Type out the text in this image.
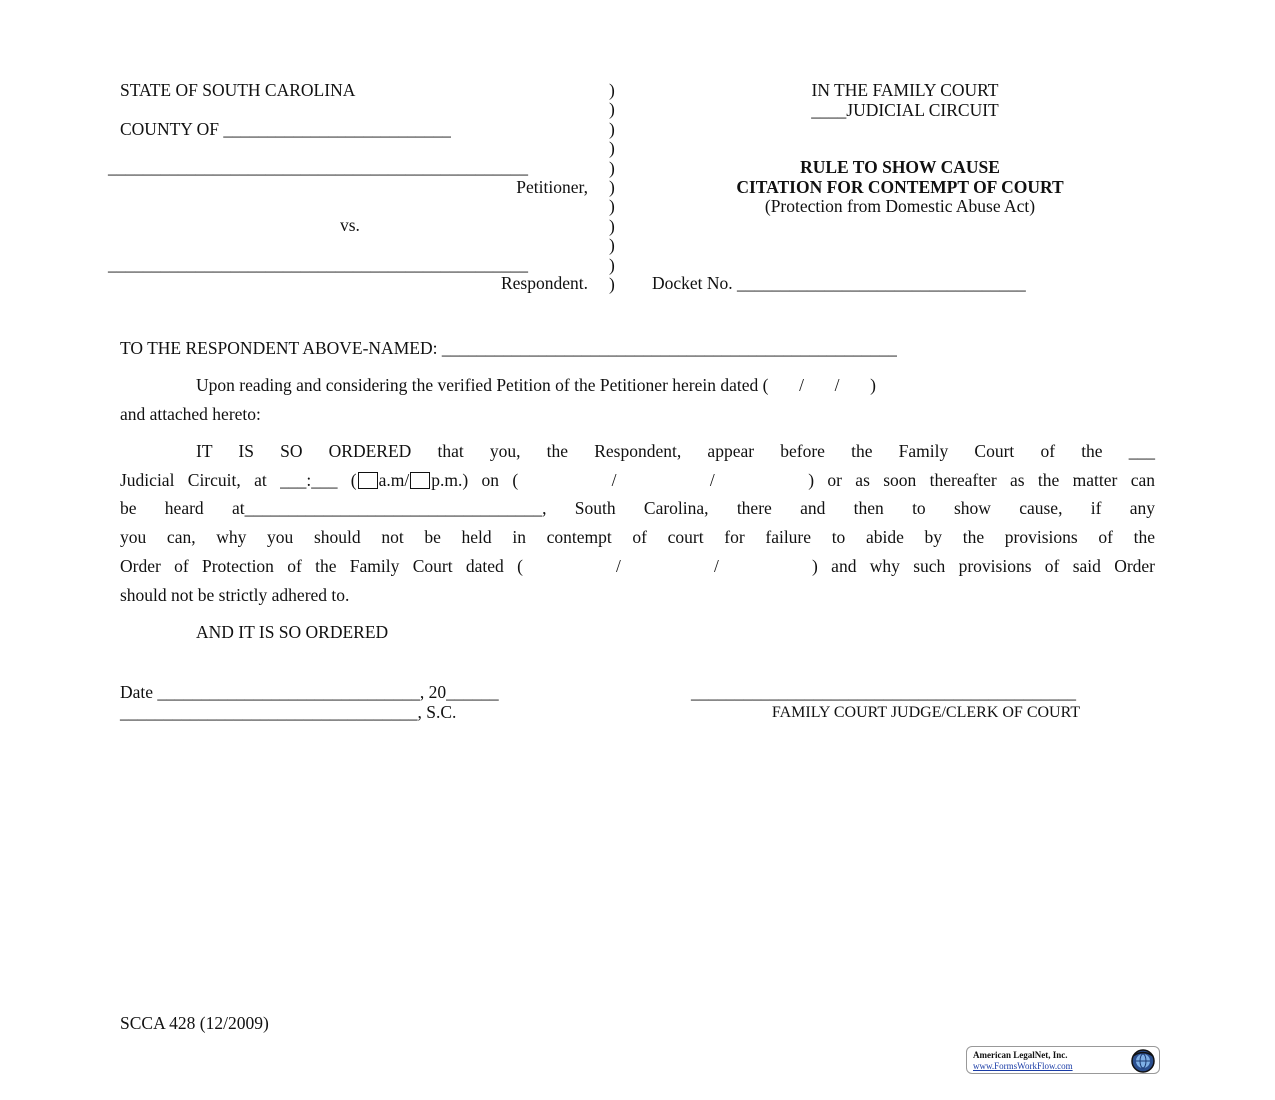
STATE OF SOUTH CAROLINA
COUNTY OF __________________________
________________________________________________
Petitioner,
vs.
________________________________________________
Respondent.
)
)
)
)
)
)
)
)
)
)
)
IN THE FAMILY COURT
____JUDICIAL CIRCUIT
RULE TO SHOW CAUSE
CITATION FOR CONTEMPT OF COURT
(Protection from Domestic Abuse Act)
Docket No. _________________________________
TO THE RESPONDENT ABOVE-NAMED: ____________________________________________________
Upon reading and considering the verified Petition of the Petitioner herein dated (       /       /       )
and attached hereto:
IT IS SO ORDERED that you, the Respondent, appear before the Family Court of the ___
Judicial Circuit, at ___:___ ( a.m/ p.m.) on (       /       /       ) or as soon thereafter as the matter can
be heard at__________________________________, South Carolina, there and then to show cause, if any
you can, why you should not be held in contempt of court for failure to abide by the provisions of the
Order of Protection of the Family Court dated (       /       /       ) and why such provisions of said Order
should not be strictly adhered to.
AND IT IS SO ORDERED
Date ______________________________, 20______
__________________________________, S.C.
____________________________________________
FAMILY COURT JUDGE/CLERK OF COURT
SCCA 428 (12/2009)
American LegalNet, Inc.
www.FormsWorkFlow.com
